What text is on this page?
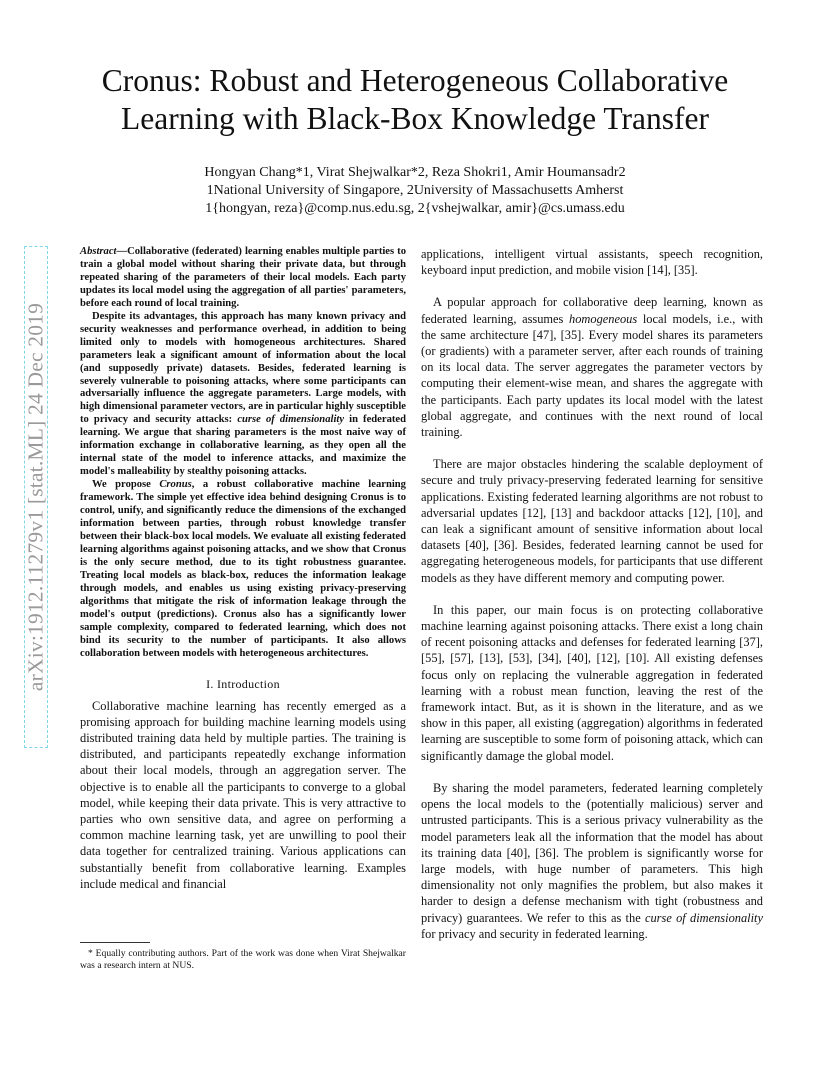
arXiv:1912.11279v1 [stat.ML] 24 Dec 2019
Cronus: Robust and Heterogeneous Collaborative Learning with Black-Box Knowledge Transfer
Hongyan Chang*1, Virat Shejwalkar*2, Reza Shokri1, Amir Houmansadr2
1National University of Singapore, 2University of Massachusetts Amherst
1{hongyan, reza}@comp.nus.edu.sg, 2{vshejwalkar, amir}@cs.umass.edu

Abstract—Collaborative (federated) learning enables multiple parties to train a global model without sharing their private data, but through repeated sharing of the parameters of their local models. Each party updates its local model using the aggregation of all parties' parameters, before each round of local training.

Despite its advantages, this approach has many known privacy and security weaknesses and performance overhead, in addition to being limited only to models with homogeneous architectures. Shared parameters leak a significant amount of information about the local (and supposedly private) datasets. Besides, federated learning is severely vulnerable to poisoning attacks, where some participants can adversarially influence the aggregate parameters. Large models, with high dimensional parameter vectors, are in particular highly susceptible to privacy and security attacks: curse of dimensionality in federated learning. We argue that sharing parameters is the most naive way of information exchange in collaborative learning, as they open all the internal state of the model to inference attacks, and maximize the model's malleability by stealthy poisoning attacks.

We propose Cronus, a robust collaborative machine learning framework. The simple yet effective idea behind designing Cronus is to control, unify, and significantly reduce the dimensions of the exchanged information between parties, through robust knowledge transfer between their black-box local models. We evaluate all existing federated learning algorithms against poisoning attacks, and we show that Cronus is the only secure method, due to its tight robustness guarantee. Treating local models as black-box, reduces the information leakage through models, and enables us using existing privacy-preserving algorithms that mitigate the risk of information leakage through the model's output (predictions). Cronus also has a significantly lower sample complexity, compared to federated learning, which does not bind its security to the number of participants. It also allows collaboration between models with heterogeneous architectures.

I. Introduction

Collaborative machine learning has recently emerged as a promising approach for building machine learning models using distributed training data held by multiple parties. The training is distributed, and participants repeatedly exchange information about their local models, through an aggregation server. The objective is to enable all the participants to converge to a global model, while keeping their data private. This is very attractive to parties who own sensitive data, and agree on performing a common machine learning task, yet are unwilling to pool their data together for centralized training. Various applications can substantially benefit from collaborative learning. Examples include medical and financial

* Equally contributing authors. Part of the work was done when Virat Shejwalkar was a research intern at NUS.

applications, intelligent virtual assistants, speech recognition, keyboard input prediction, and mobile vision [14], [35].

A popular approach for collaborative deep learning, known as federated learning, assumes homogeneous local models, i.e., with the same architecture [47], [35]. Every model shares its parameters (or gradients) with a parameter server, after each rounds of training on its local data. The server aggregates the parameter vectors by computing their element-wise mean, and shares the aggregate with the participants. Each party updates its local model with the latest global aggregate, and continues with the next round of local training.

There are major obstacles hindering the scalable deployment of secure and truly privacy-preserving federated learning for sensitive applications. Existing federated learning algorithms are not robust to adversarial updates [12], [13] and backdoor attacks [12], [10], and can leak a significant amount of sensitive information about local datasets [40], [36]. Besides, federated learning cannot be used for aggregating heterogeneous models, for participants that use different models as they have different memory and computing power.

In this paper, our main focus is on protecting collaborative machine learning against poisoning attacks. There exist a long chain of recent poisoning attacks and defenses for federated learning [37], [55], [57], [13], [53], [34], [40], [12], [10]. All existing defenses focus only on replacing the vulnerable aggregation in federated learning with a robust mean function, leaving the rest of the framework intact. But, as it is shown in the literature, and as we show in this paper, all existing (aggregation) algorithms in federated learning are susceptible to some form of poisoning attack, which can significantly damage the global model.

By sharing the model parameters, federated learning completely opens the local models to the (potentially malicious) server and untrusted participants. This is a serious privacy vulnerability as the model parameters leak all the information that the model has about its training data [40], [36]. The problem is significantly worse for large models, with huge number of parameters. This high dimensionality not only magnifies the problem, but also makes it harder to design a defense mechanism with tight (robustness and privacy) guarantees. We refer to this as the curse of dimensionality for privacy and security in federated learning.
